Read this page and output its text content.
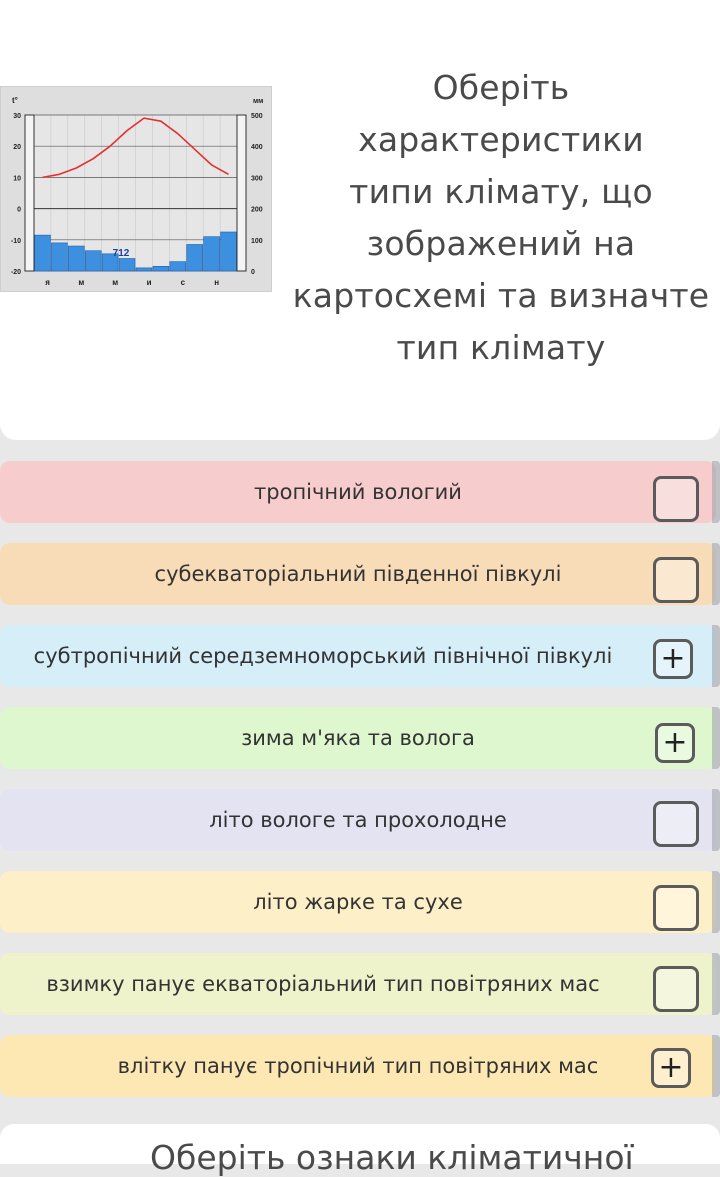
t°	мм
30
20
10
0
-10
-20
500
400
300
200
100
0
я	м	м	и	с	н
712
Оберіть характеристики
типи клімату, що
зображений на
картосхемі та визначте
тип клімату
тропічний вологий
субекваторіальний південної півкулі
субтропічний середземноморський північної півкулі
зима м'яка та волога
літо вологе та прохолодне
літо жарке та сухе
взимку панує екваторіальний тип повітряних мас
влітку панує тропічний тип повітряних мас
+
+
+
Оберіть ознаки кліматичної
